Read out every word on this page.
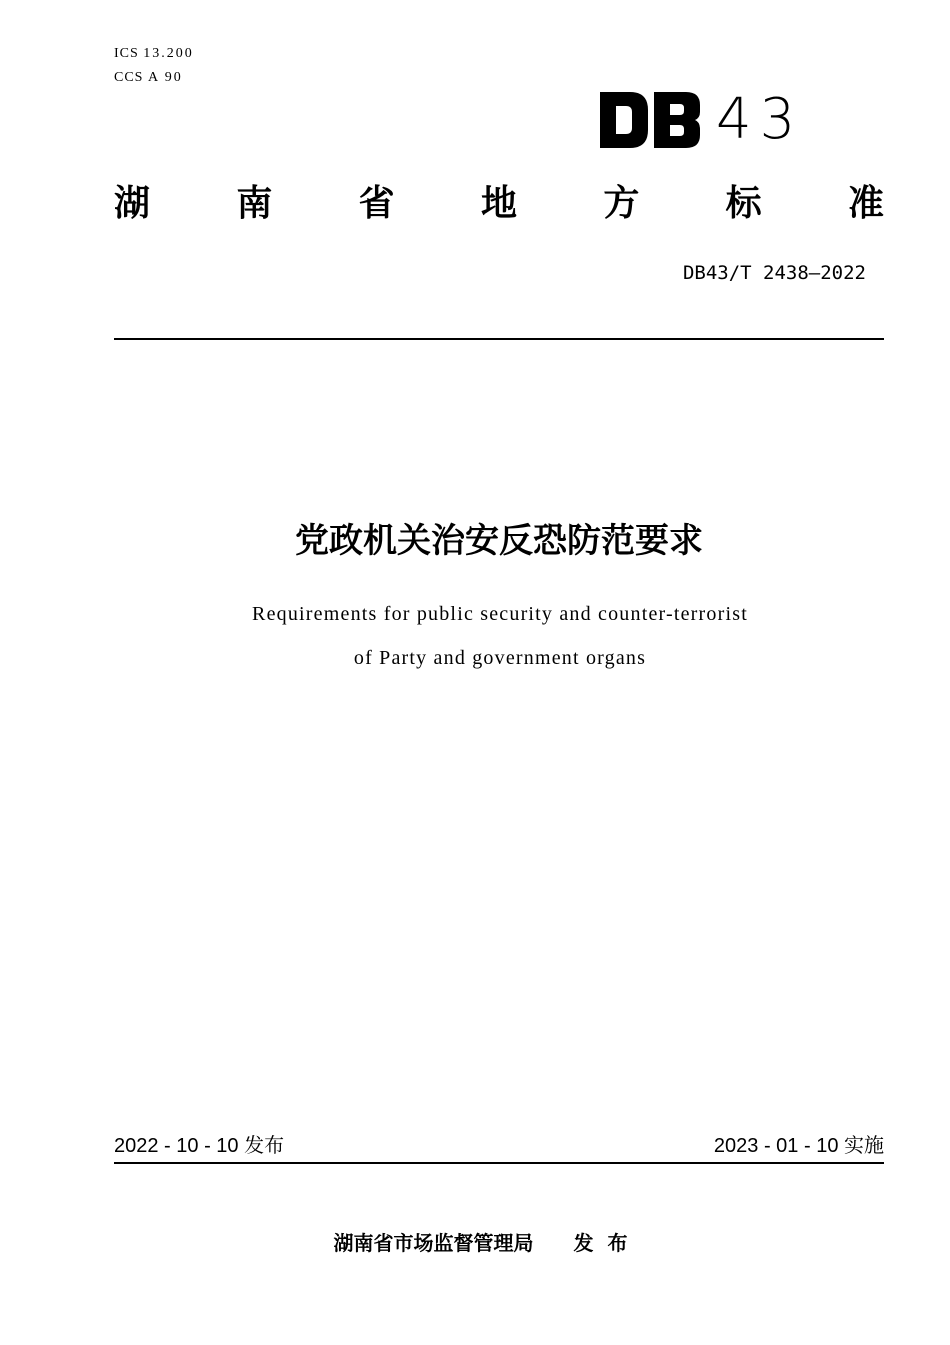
ICS 13.200
CCS A 90
43
湖 南 省 地 方 标 准
DB43/T 2438—2022
党政机关治安反恐防范要求
Requirements for public security and counter-terrorist
of Party and government organs
2022 - 10 - 10 发布	2023 - 01 - 10 实施
湖南省市场监督管理局 发布
